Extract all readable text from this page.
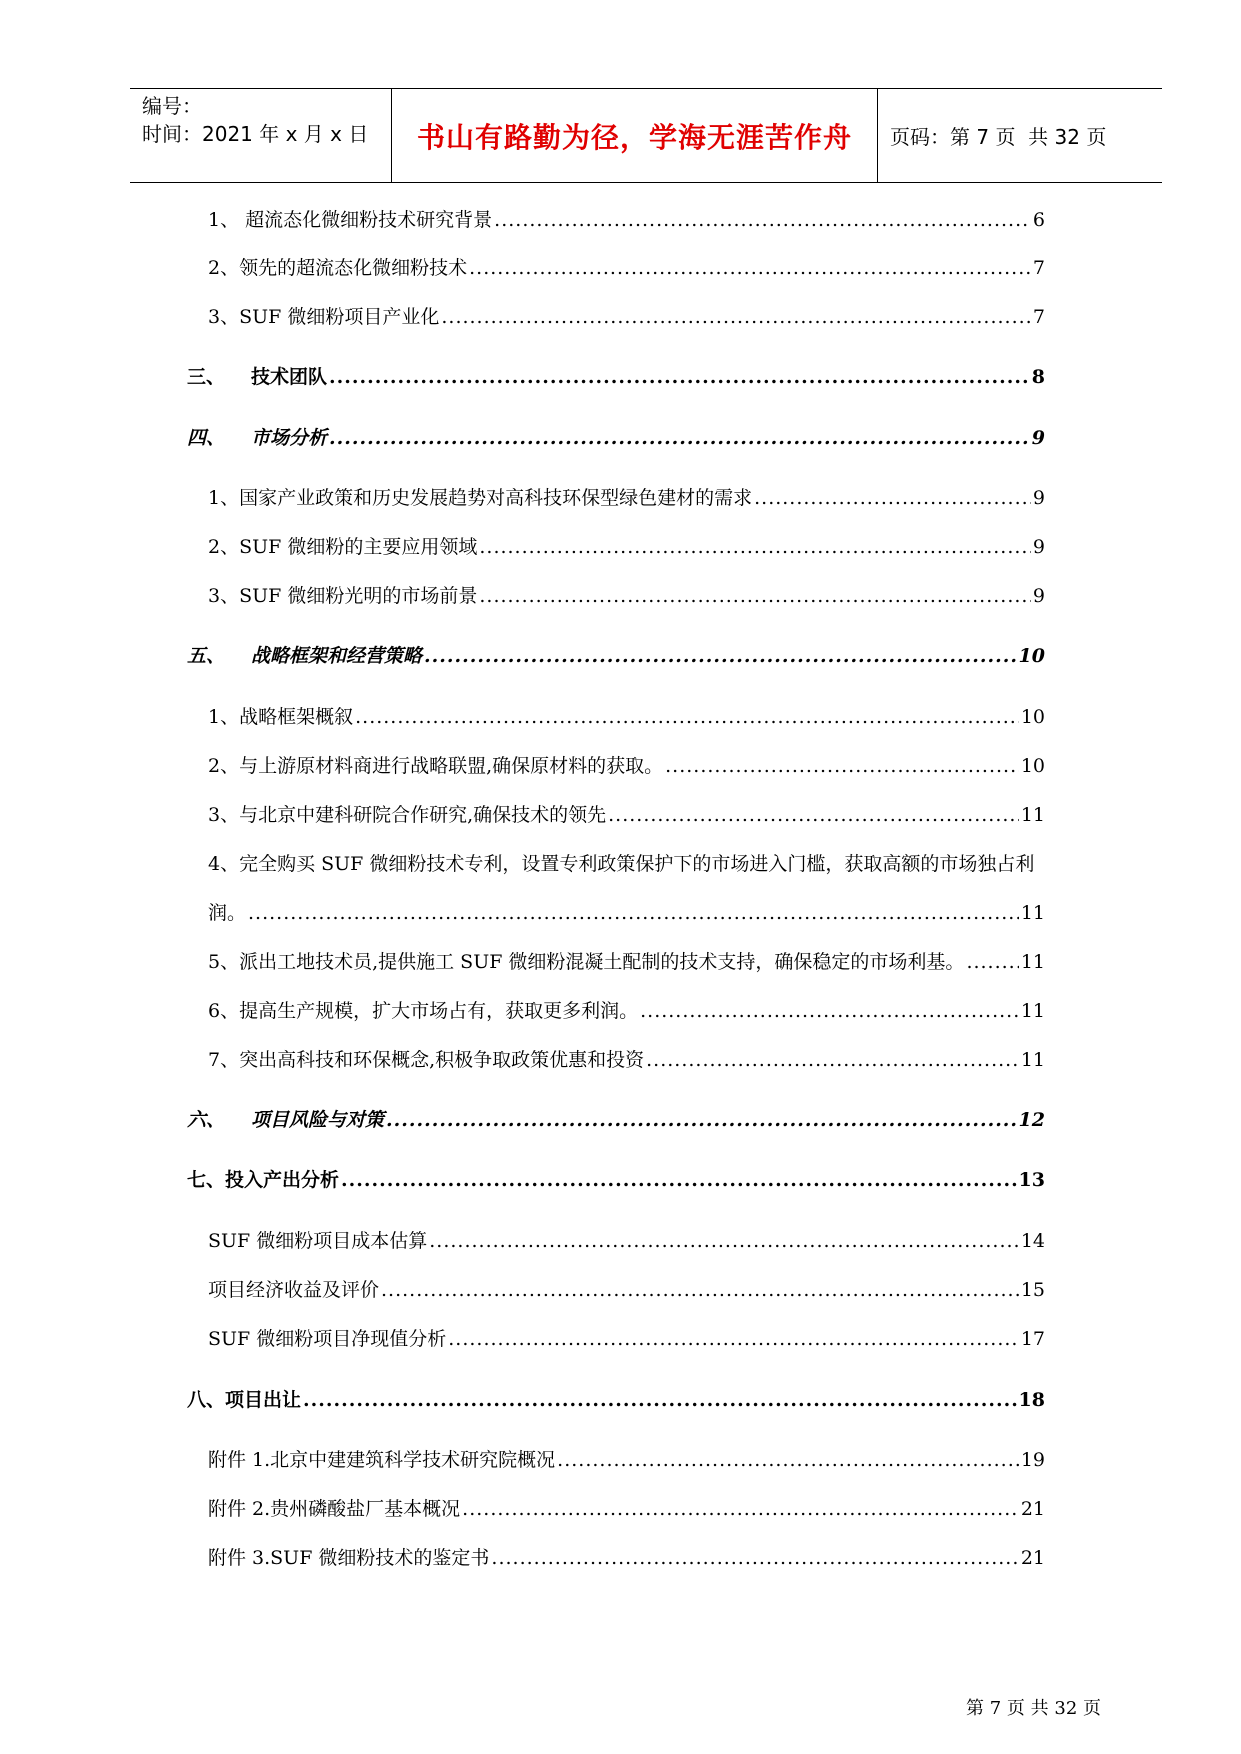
编号：
时间：2021 年 x 月 x 日	书山有路勤为径，学海无涯苦作舟	页码：第 7 页  共 32 页
1、 超流态化微细粉技术研究背景 .....	6
2、 领先的超流态化微细粉技术 .....	7
3、 SUF 微细粉项目产业化 .....	7
三、	技术团队 .....	8
四、	市场分析 .....	9
1、 国家产业政策和历史发展趋势对高科技环保型绿色建材的需求 .....	9
2、 SUF 微细粉的主要应用领域 .....	9
3、 SUF 微细粉光明的市场前景 .....	9
五、	战略框架和经营策略 .....	10
1、 战略框架概叙 .....	10
2、 与上游原材料商进行战略联盟,确保原材料的获取。 .....	10
3、 与北京中建科研院合作研究,确保技术的领先 .....	11
4、完全购买 SUF 微细粉技术专利，设置专利政策保护下的市场进入门槛，获取高额的市场独占利
润。 .....	11
5、 派出工地技术员,提供施工 SUF 微细粉混凝土配制的技术支持，确保稳定的市场利基。 .....	11
6、 提高生产规模，扩大市场占有，获取更多利润。 .....	11
7、 突出高科技和环保概念,积极争取政策优惠和投资 .....	11
六、	项目风险与对策 .....	12
七、 投入产出分析 .....	13
SUF 微细粉项目成本估算 .....	14
项目经济收益及评价 .....	15
SUF 微细粉项目净现值分析 .....	17
八、 项目出让 .....	18
附件 1.北京中建建筑科学技术研究院概况 .....	19
附件 2.贵州磷酸盐厂基本概况 .....	21
附件 3.SUF 微细粉技术的鉴定书 .....	21
第 7 页 共 32 页
